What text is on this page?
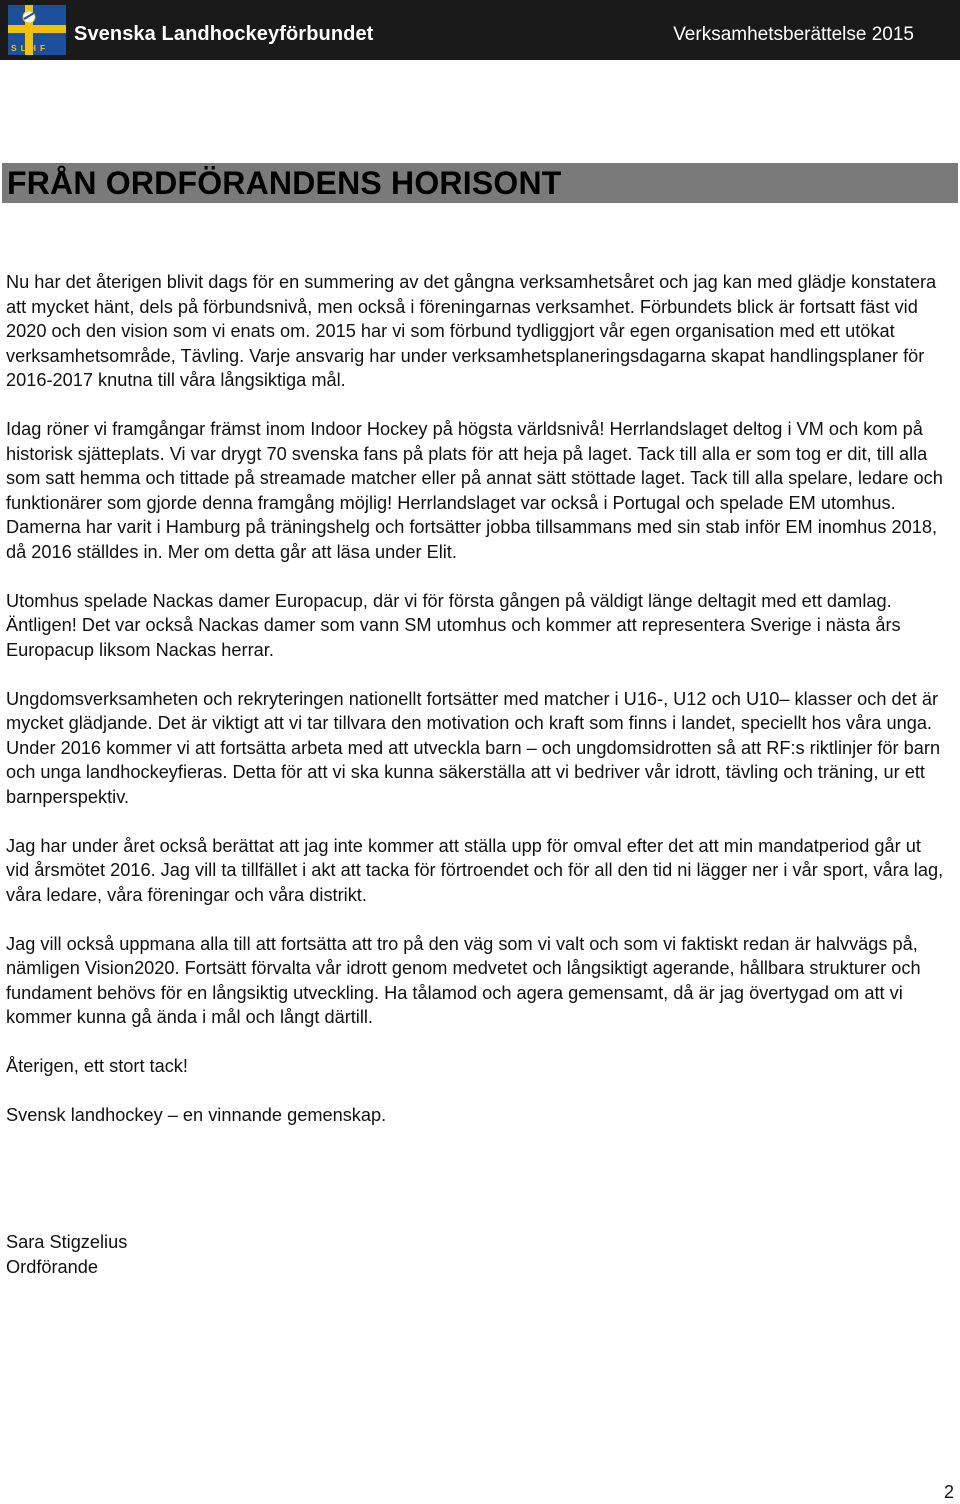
SLHF
Svenska Landhockeyförbundet	Verksamhetsberättelse 2015
FRÅN ORDFÖRANDENS HORISONT

Nu har det återigen blivit dags för en summering av det gångna verksamhetsåret och jag kan med glädje konstatera att mycket hänt, dels på förbundsnivå, men också i föreningarnas verksamhet. Förbundets blick är fortsatt fäst vid 2020 och den vision som vi enats om. 2015 har vi som förbund tydliggjort vår egen organisation med ett utökat verksamhetsområde, Tävling. Varje ansvarig har under verksamhetsplaneringsdagarna skapat handlingsplaner för 2016-2017 knutna till våra långsiktiga mål.

Idag röner vi framgångar främst inom Indoor Hockey på högsta världsnivå! Herrlandslaget deltog i VM och kom på historisk sjätteplats. Vi var drygt 70 svenska fans på plats för att heja på laget. Tack till alla er som tog er dit, till alla som satt hemma och tittade på streamade matcher eller på annat sätt stöttade laget. Tack till alla spelare, ledare och funktionärer som gjorde denna framgång möjlig! Herrlandslaget var också i Portugal och spelade EM utomhus. Damerna har varit i Hamburg på träningshelg och fortsätter jobba tillsammans med sin stab inför EM inomhus 2018, då 2016 ställdes in. Mer om detta går att läsa under Elit.

Utomhus spelade Nackas damer Europacup, där vi för första gången på väldigt länge deltagit med ett damlag. Äntligen! Det var också Nackas damer som vann SM utomhus och kommer att representera Sverige i nästa års Europacup liksom Nackas herrar.

Ungdomsverksamheten och rekryteringen nationellt fortsätter med matcher i U16-, U12 och U10– klasser och det är mycket glädjande. Det är viktigt att vi tar tillvara den motivation och kraft som finns i landet, speciellt hos våra unga. Under 2016 kommer vi att fortsätta arbeta med att utveckla barn – och ungdomsidrotten så att RF:s riktlinjer för barn och unga landhockeyfieras. Detta för att vi ska kunna säkerställa att vi bedriver vår idrott, tävling och träning, ur ett barnperspektiv.

Jag har under året också berättat att jag inte kommer att ställa upp för omval efter det att min mandatperiod går ut vid årsmötet 2016. Jag vill ta tillfället i akt att tacka för förtroendet och för all den tid ni lägger ner i vår sport, våra lag, våra ledare, våra föreningar och våra distrikt.

Jag vill också uppmana alla till att fortsätta att tro på den väg som vi valt och som vi faktiskt redan är halvvägs på, nämligen Vision2020. Fortsätt förvalta vår idrott genom medvetet och långsiktigt agerande, hållbara strukturer och fundament behövs för en långsiktig utveckling. Ha tålamod och agera gemensamt, då är jag övertygad om att vi kommer kunna gå ända i mål och långt därtill.

Återigen, ett stort tack!

Svensk landhockey – en vinnande gemenskap.

Sara Stigzelius
Ordförande
2
